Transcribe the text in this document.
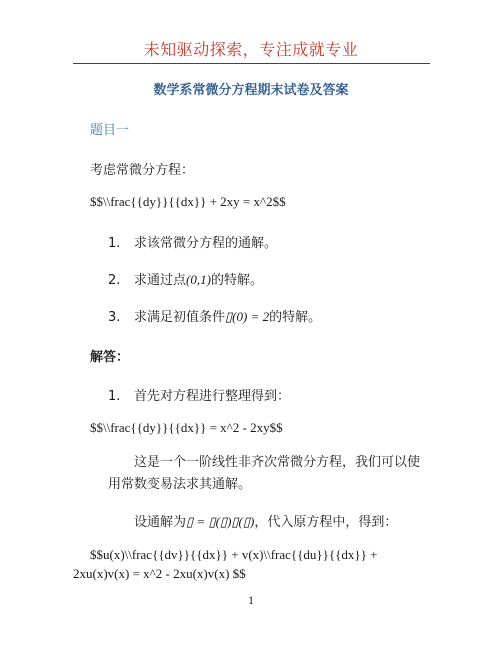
未知驱动探索，专注成就专业
数学系常微分方程期末试卷及答案
题目一
考虑常微分方程：
$$\\frac{{dy}}{{dx}} + 2xy = x^2$$
1. 求该常微分方程的通解。
2. 求通过点(0,1)的特解。
3. 求满足初值条件▯(0) = 2的特解。
解答：
1. 首先对方程进行整理得到：
$$\\frac{{dy}}{{dx}} = x^2 - 2xy$$
这是一个一阶线性非齐次常微分方程，我们可以使
用常数变易法求其通解。
设通解为▯ = ▯(▯)▯(▯)，代入原方程中，得到：
$$u(x)\\frac{{dv}}{{dx}} + v(x)\\frac{{du}}{{dx}} +
2xu(x)v(x) = x^2 - 2xu(x)v(x) $$
1
